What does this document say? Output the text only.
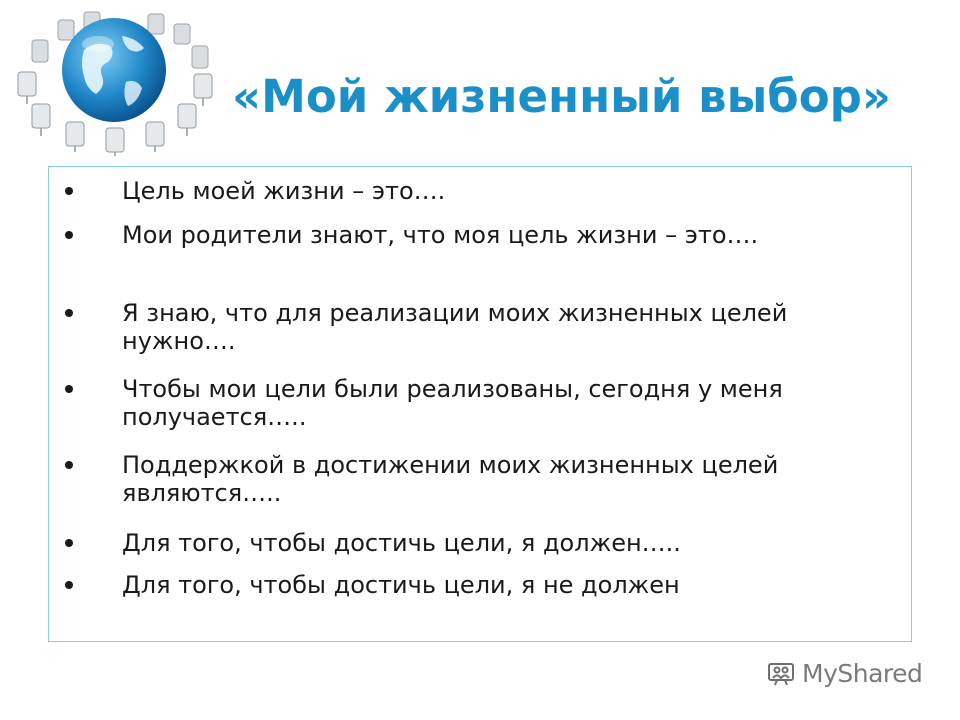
«Мой жизненный выбор»
Цель моей жизни – это….
Мои родители знают, что моя цель жизни – это….
Я знаю, что для реализации моих жизненных целей нужно….
Чтобы мои цели были реализованы, сегодня у меня получается…..
Поддержкой в достижении моих жизненных целей являются…..
Для того, чтобы достичь цели, я должен…..
Для того, чтобы достичь цели, я не должен
MyShared
